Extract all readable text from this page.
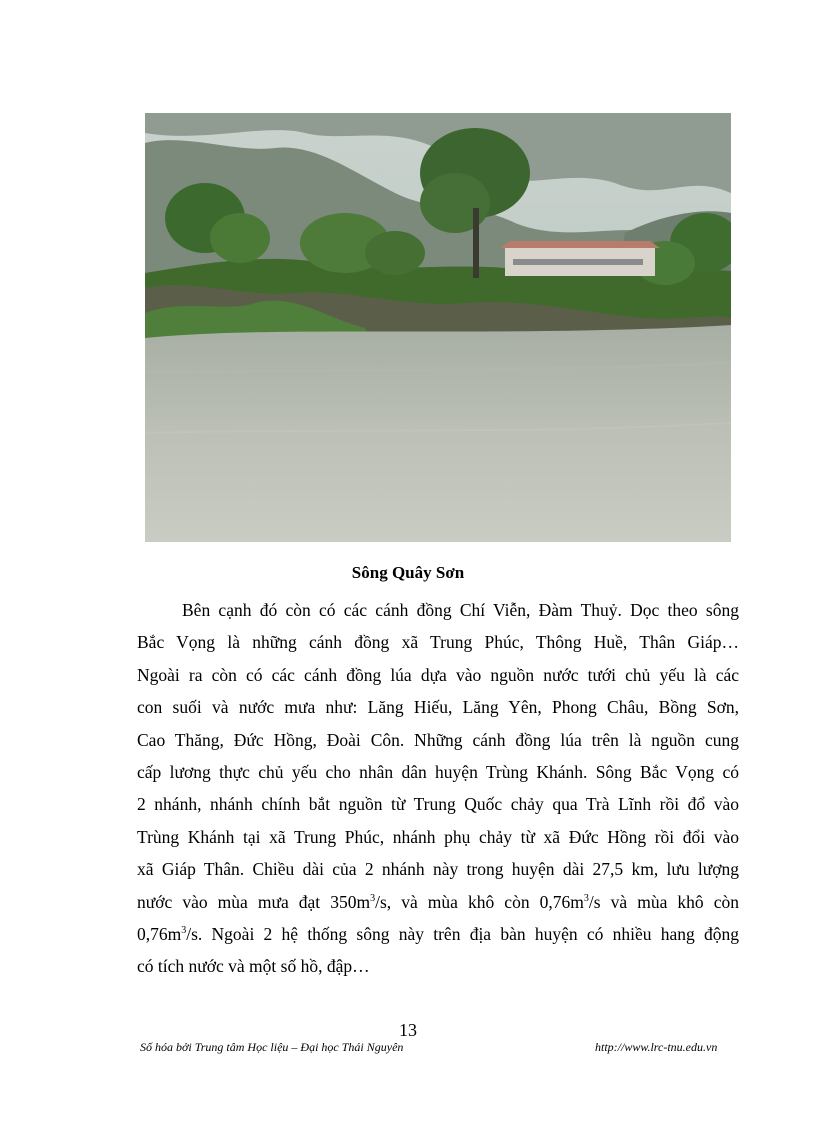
Sông Quây Sơn
Bên cạnh đó còn có các cánh đồng Chí Viễn, Đàm Thuỷ. Dọc theo sông
Bắc Vọng là những cánh đồng xã Trung Phúc, Thông Huề, Thân Giáp…
Ngoài ra còn có các cánh đồng lúa dựa vào nguồn nước tưới chủ yếu là các
con suối và nước mưa như: Lăng Hiếu, Lăng Yên, Phong Châu, Bồng Sơn,
Cao Thăng, Đức Hồng, Đoài Côn. Những cánh đồng lúa trên là nguồn cung
cấp lương thực chủ yếu cho nhân dân huyện Trùng Khánh. Sông Bắc Vọng có
2 nhánh, nhánh chính bắt nguồn từ Trung Quốc chảy qua Trà Lĩnh rồi đổ vào
Trùng Khánh tại xã Trung Phúc, nhánh phụ chảy từ xã Đức Hồng rồi đổi vào
xã Giáp Thân. Chiều dài của 2 nhánh này trong huyện dài 27,5 km, lưu lượng
nước vào mùa mưa đạt $350m^3/s$, và mùa khô còn $0,76m^3/s$ và mùa khô còn
$0,76m^3/s$. Ngoài 2 hệ thống sông này trên địa bàn huyện có nhiều hang động
có tích nước và một số hồ, đập…
13
Số hóa bởi Trung tâm Học liệu – Đại học Thái Nguyên	http://www.lrc-tnu.edu.vn
